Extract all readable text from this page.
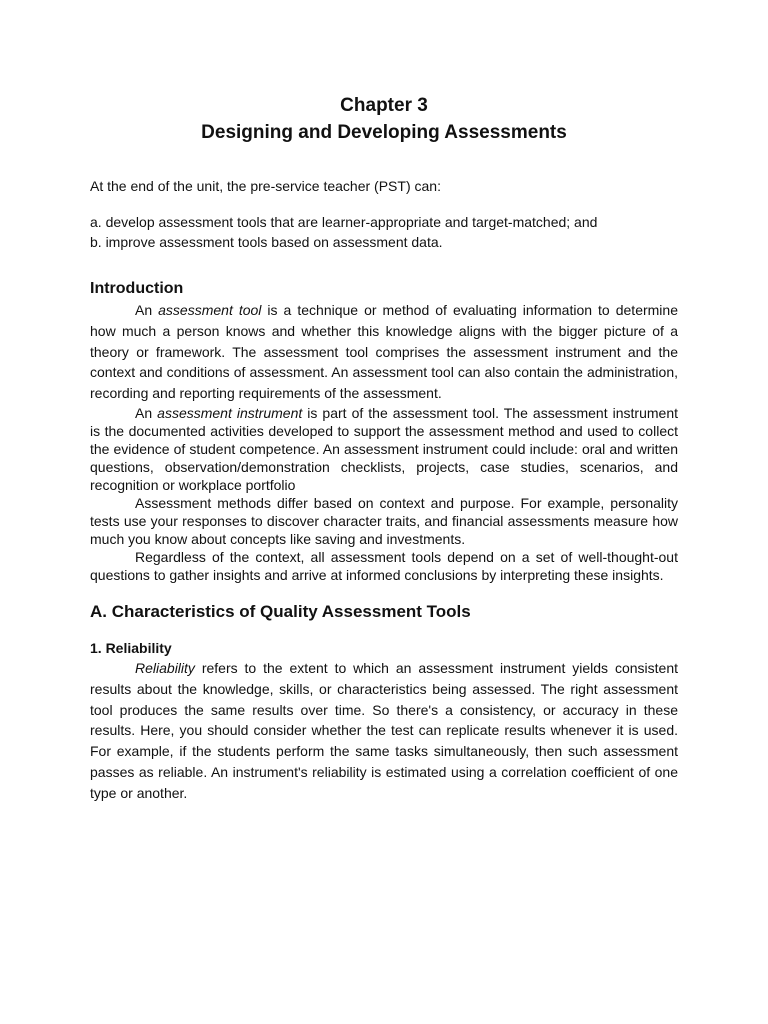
Chapter 3
Designing and Developing Assessments

At the end of the unit, the pre-service teacher (PST) can:

a. develop assessment tools that are learner-appropriate and target-matched; and
b. improve assessment tools based on assessment data.
Introduction

An assessment tool is a technique or method of evaluating information to determine how much a person knows and whether this knowledge aligns with the bigger picture of a theory or framework. The assessment tool comprises the assessment instrument and the context and conditions of assessment. An assessment tool can also contain the administration, recording and reporting requirements of the assessment.

An assessment instrument is part of the assessment tool. The assessment instrument is the documented activities developed to support the assessment method and used to collect the evidence of student competence. An assessment instrument could include: oral and written questions, observation/demonstration checklists, projects, case studies, scenarios, and recognition or workplace portfolio

Assessment methods differ based on context and purpose. For example, personality tests use your responses to discover character traits, and financial assessments measure how much you know about concepts like saving and investments.

Regardless of the context, all assessment tools depend on a set of well-thought-out questions to gather insights and arrive at informed conclusions by interpreting these insights.

A. Characteristics of Quality Assessment Tools
1. Reliability

Reliability refers to the extent to which an assessment instrument yields consistent results about the knowledge, skills, or characteristics being assessed. The right assessment tool produces the same results over time. So there's a consistency, or accuracy in these results. Here, you should consider whether the test can replicate results whenever it is used. For example, if the students perform the same tasks simultaneously, then such assessment passes as reliable. An instrument's reliability is estimated using a correlation coefficient of one type or another.
